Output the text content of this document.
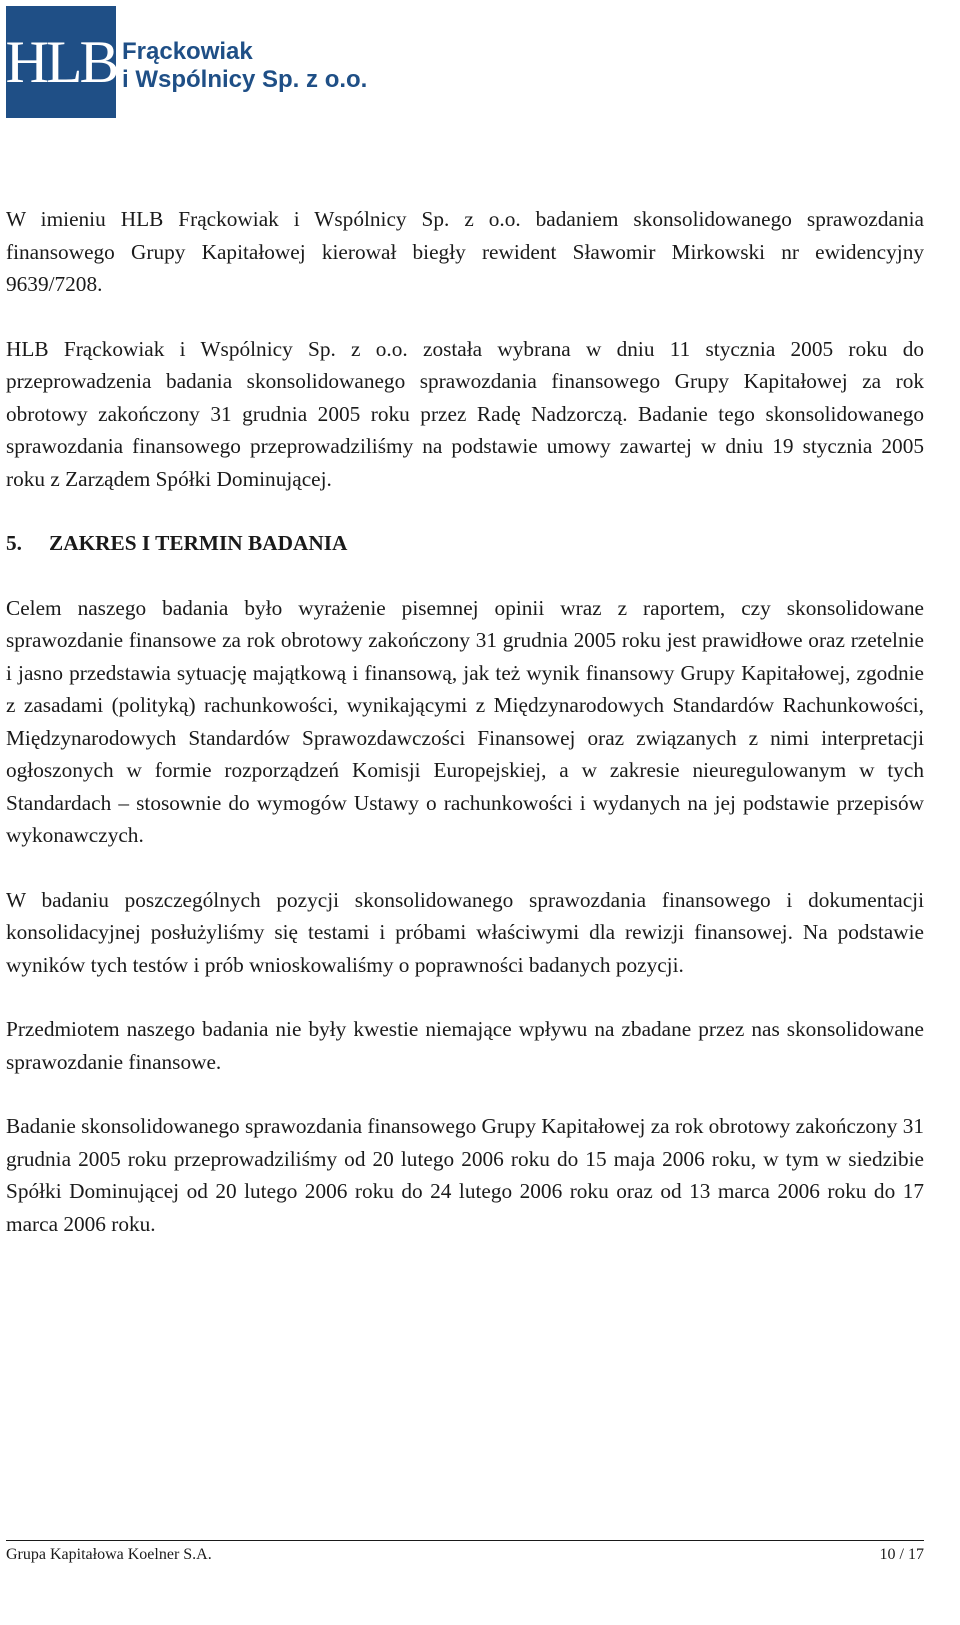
HLB Frąckowiak
i Wspólnicy Sp. z o.o.

W imieniu HLB Frąckowiak i Wspólnicy Sp. z o.o. badaniem skonsolidowanego sprawozdania finansowego Grupy Kapitałowej kierował biegły rewident Sławomir Mirkowski nr ewidencyjny 9639/7208.

HLB Frąckowiak i Wspólnicy Sp. z o.o. została wybrana w dniu 11 stycznia 2005 roku do przeprowadzenia badania skonsolidowanego sprawozdania finansowego Grupy Kapitałowej za rok obrotowy zakończony 31 grudnia 2005 roku przez Radę Nadzorczą. Badanie tego skonsolidowanego sprawozdania finansowego przeprowadziliśmy na podstawie umowy zawartej w dniu 19 stycznia 2005 roku z Zarządem Spółki Dominującej.

5. ZAKRES I TERMIN BADANIA

Celem naszego badania było wyrażenie pisemnej opinii wraz z raportem, czy skonsolidowane sprawozdanie finansowe za rok obrotowy zakończony 31 grudnia 2005 roku jest prawidłowe oraz rzetelnie i jasno przedstawia sytuację majątkową i finansową, jak też wynik finansowy Grupy Kapitałowej, zgodnie z zasadami (polityką) rachunkowości, wynikającymi z Międzynarodowych Standardów Rachunkowości, Międzynarodowych Standardów Sprawozdawczości Finansowej oraz związanych z nimi interpretacji ogłoszonych w formie rozporządzeń Komisji Europejskiej, a w zakresie nieuregulowanym w tych Standardach – stosownie do wymogów Ustawy o rachunkowości i wydanych na jej podstawie przepisów wykonawczych.

W badaniu poszczególnych pozycji skonsolidowanego sprawozdania finansowego i dokumentacji konsolidacyjnej posłużyliśmy się testami i próbami właściwymi dla rewizji finansowej. Na podstawie wyników tych testów i prób wnioskowaliśmy o poprawności badanych pozycji.

Przedmiotem naszego badania nie były kwestie niemające wpływu na zbadane przez nas skonsolidowane sprawozdanie finansowe.

Badanie skonsolidowanego sprawozdania finansowego Grupy Kapitałowej za rok obrotowy zakończony 31 grudnia 2005 roku przeprowadziliśmy od 20 lutego 2006 roku do 15 maja 2006 roku, w tym w siedzibie Spółki Dominującej od 20 lutego 2006 roku do 24 lutego 2006 roku oraz od 13 marca 2006 roku do 17 marca 2006 roku.

Grupa Kapitałowa Koelner S.A.	10 / 17
